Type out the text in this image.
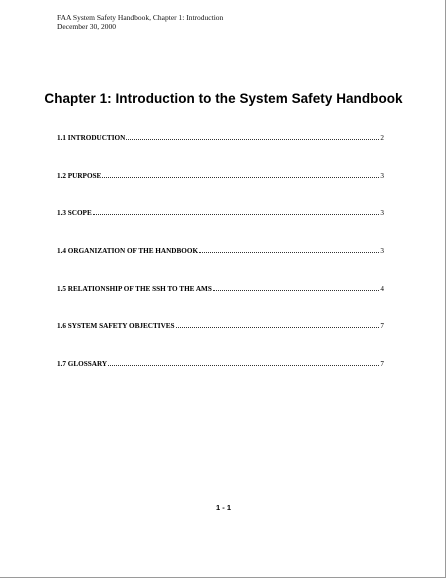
FAA System Safety Handbook, Chapter 1: Introduction
December 30, 2000
Chapter 1: Introduction to the System Safety Handbook
1.1 INTRODUCTION	2
1.2 PURPOSE	3
1.3 SCOPE	3
1.4 ORGANIZATION OF THE HANDBOOK	3
1.5 RELATIONSHIP OF THE SSH TO THE AMS	4
1.6 SYSTEM SAFETY OBJECTIVES	7
1.7 GLOSSARY	7
1 - 1
